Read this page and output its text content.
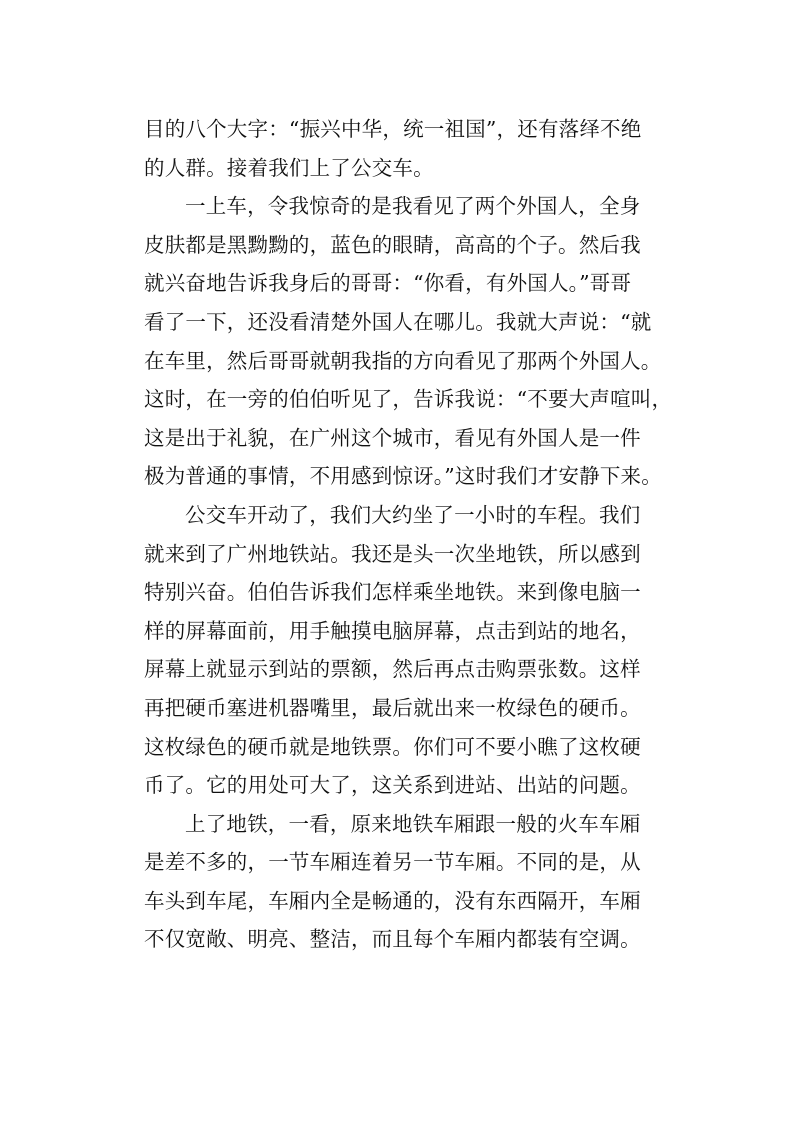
目的八个大字：“振兴中华，统一祖国”，还有落绎不绝
的人群。接着我们上了公交车。
一上车，令我惊奇的是我看见了两个外国人，全身
皮肤都是黑黝黝的，蓝色的眼睛，高高的个子。然后我
就兴奋地告诉我身后的哥哥：“你看，有外国人。”哥哥
看了一下，还没看清楚外国人在哪儿。我就大声说：“就
在车里，然后哥哥就朝我指的方向看见了那两个外国人。
这时，在一旁的伯伯听见了，告诉我说：“不要大声喧叫，
这是出于礼貌，在广州这个城市，看见有外国人是一件
极为普通的事情，不用感到惊讶。”这时我们才安静下来。
公交车开动了，我们大约坐了一小时的车程。我们
就来到了广州地铁站。我还是头一次坐地铁，所以感到
特别兴奋。伯伯告诉我们怎样乘坐地铁。来到像电脑一
样的屏幕面前，用手触摸电脑屏幕，点击到站的地名，
屏幕上就显示到站的票额，然后再点击购票张数。这样
再把硬币塞进机器嘴里，最后就出来一枚绿色的硬币。
这枚绿色的硬币就是地铁票。你们可不要小瞧了这枚硬
币了。它的用处可大了，这关系到进站、出站的问题。
上了地铁，一看，原来地铁车厢跟一般的火车车厢
是差不多的，一节车厢连着另一节车厢。不同的是，从
车头到车尾，车厢内全是畅通的，没有东西隔开，车厢
不仅宽敞、明亮、整洁，而且每个车厢内都装有空调。
